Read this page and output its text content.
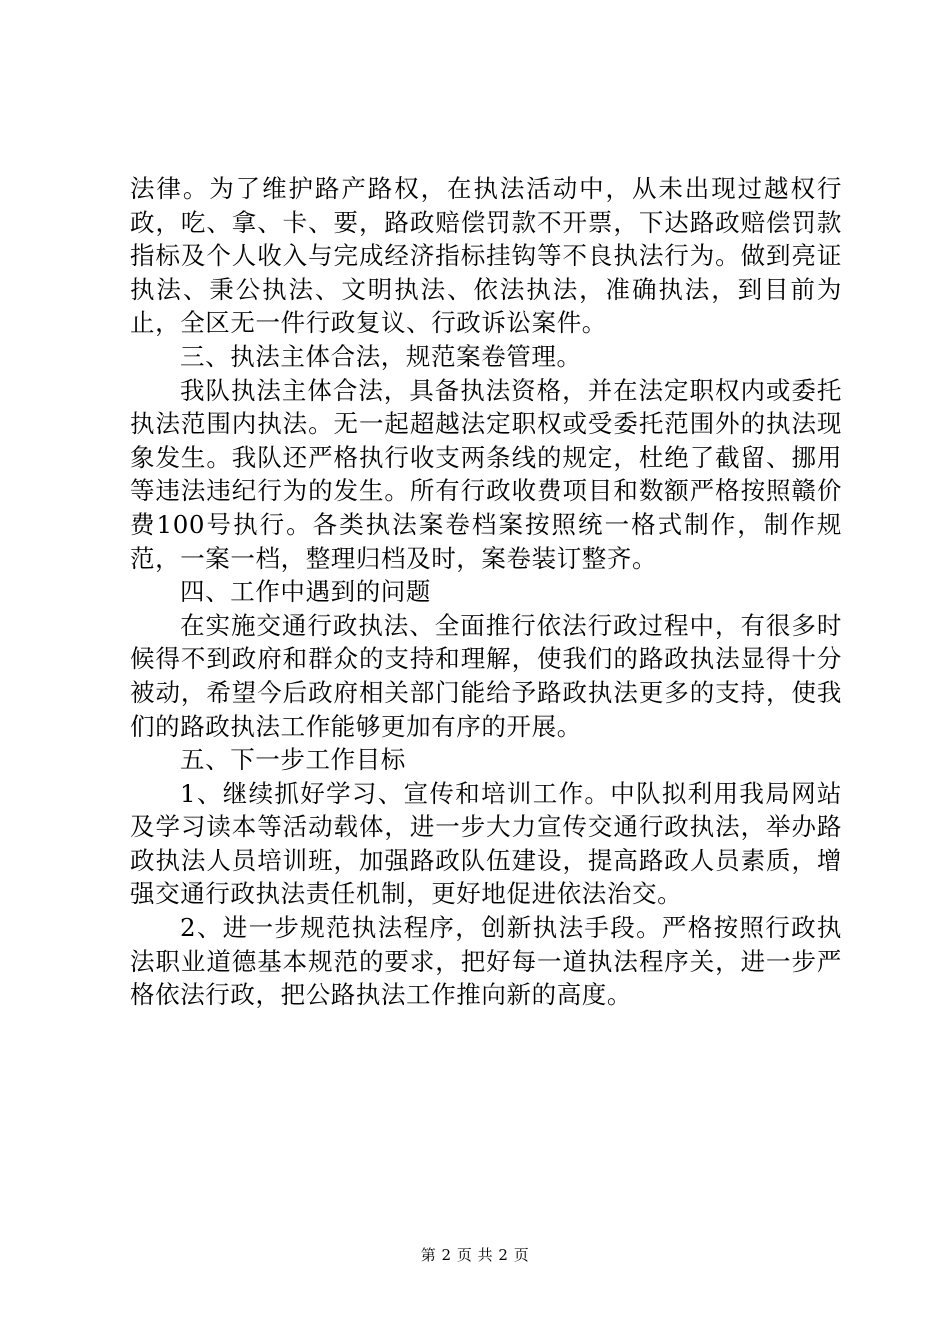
法律。为了维护路产路权，在执法活动中，从未出现过越权行政，吃、拿、卡、要，路政赔偿罚款不开票，下达路政赔偿罚款指标及个人收入与完成经济指标挂钩等不良执法行为。做到亮证执法、秉公执法、文明执法、依法执法，准确执法，到目前为止，全区无一件行政复议、行政诉讼案件。

三、执法主体合法，规范案卷管理。

我队执法主体合法，具备执法资格，并在法定职权内或委托执法范围内执法。无一起超越法定职权或受委托范围外的执法现象发生。我队还严格执行收支两条线的规定，杜绝了截留、挪用等违法违纪行为的发生。所有行政收费项目和数额严格按照赣价费100号执行。各类执法案卷档案按照统一格式制作，制作规范，一案一档，整理归档及时，案卷装订整齐。

四、工作中遇到的问题

在实施交通行政执法、全面推行依法行政过程中，有很多时候得不到政府和群众的支持和理解，使我们的路政执法显得十分被动，希望今后政府相关部门能给予路政执法更多的支持，使我们的路政执法工作能够更加有序的开展。

五、下一步工作目标

1、继续抓好学习、宣传和培训工作。中队拟利用我局网站及学习读本等活动载体，进一步大力宣传交通行政执法，举办路政执法人员培训班，加强路政队伍建设，提高路政人员素质，增强交通行政执法责任机制，更好地促进依法治交。

2、进一步规范执法程序，创新执法手段。严格按照行政执法职业道德基本规范的要求，把好每一道执法程序关，进一步严格依法行政，把公路执法工作推向新的高度。

第 2 页 共 2 页
